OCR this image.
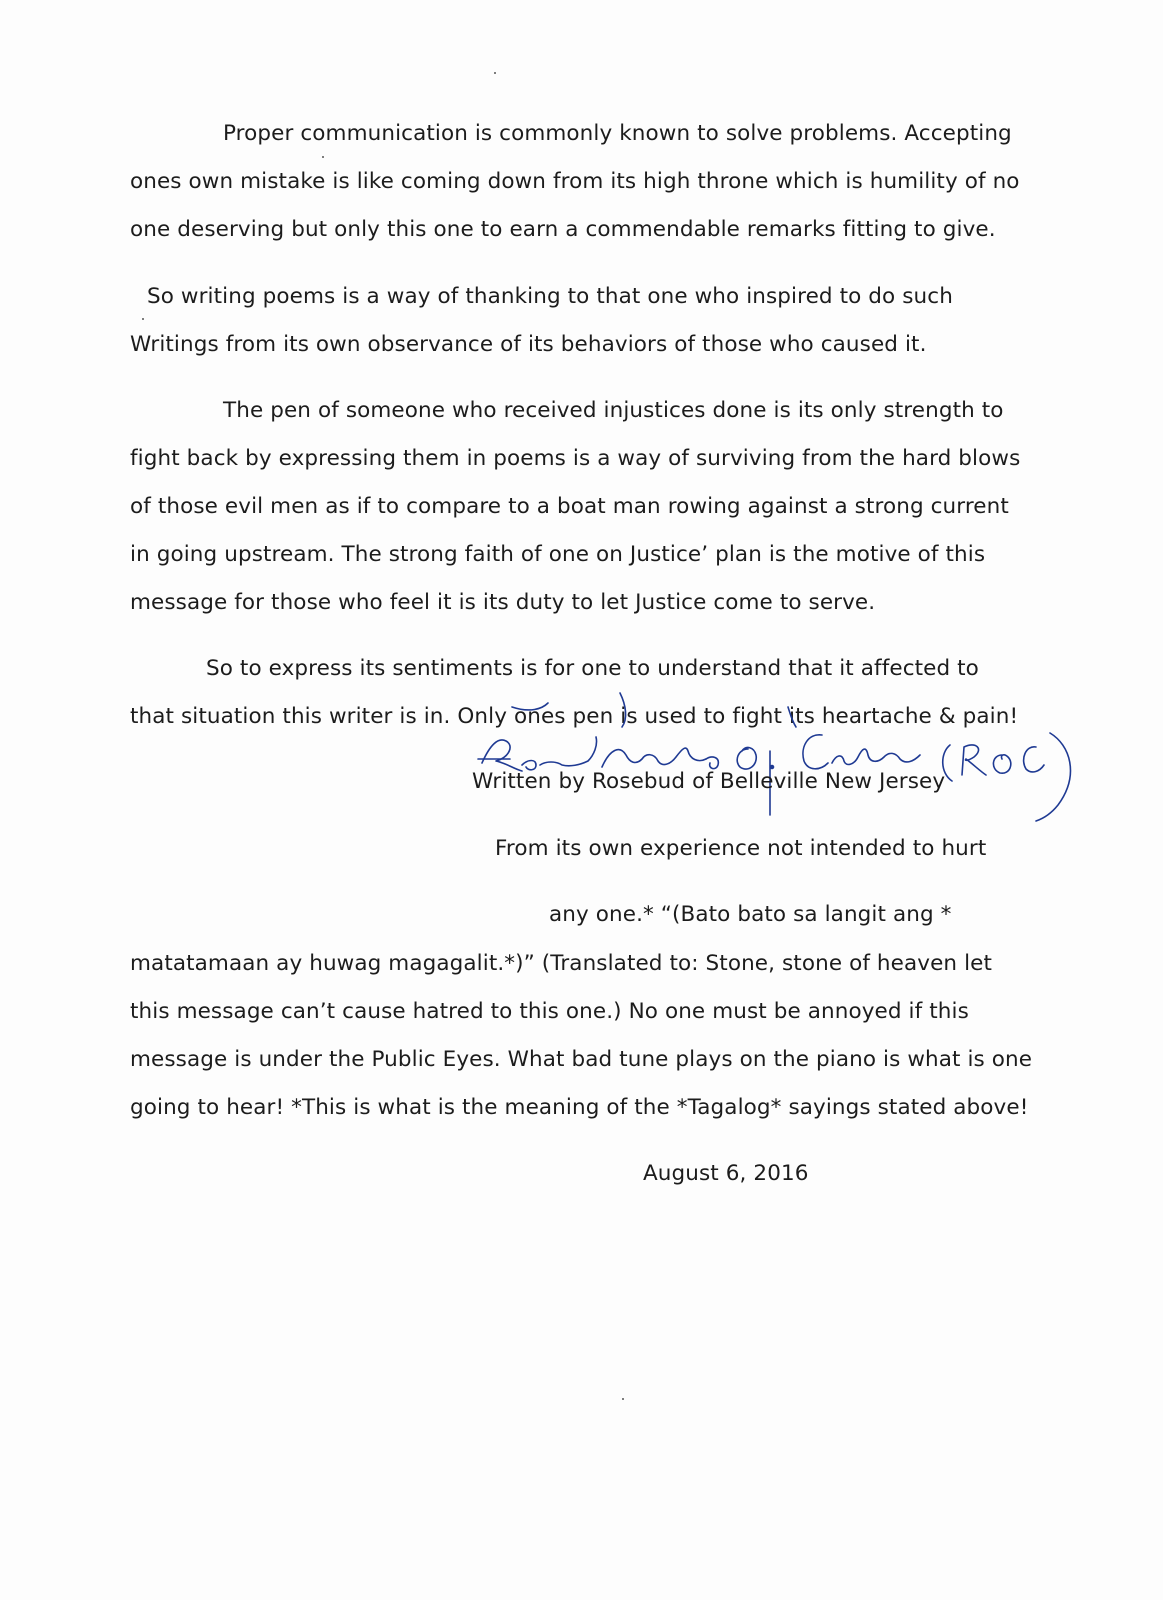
Proper communication is commonly known to solve problems. Accepting
ones own mistake is like coming down from its high throne which is humility of no
one deserving but only this one to earn a commendable remarks fitting to give.
So writing poems is a way of thanking to that one who inspired to do such
Writings from its own observance of its behaviors of those who caused it.
The pen of someone who received injustices done is its only strength to
fight back by expressing them in poems is a way of surviving from the hard blows
of those evil men as if to compare to a boat man rowing against a strong current
in going upstream. The strong faith of one on Justice’ plan is the motive of this
message for those who feel it is its duty to let Justice come to serve.
So to express its sentiments is for one to understand that it affected to
that situation this writer is in. Only ones pen is used to fight its heartache & pain!
Written by Rosebud of Belleville New Jersey
From its own experience not intended to hurt
any one.* “(Bato bato sa langit ang *
matatamaan ay huwag magagalit.*)” (Translated to: Stone, stone of heaven let
this message can’t cause hatred to this one.) No one must be annoyed if this
message is under the Public Eyes. What bad tune plays on the piano is what is one
going to hear! *This is what is the meaning of the *Tagalog* sayings stated above!
August 6, 2016
